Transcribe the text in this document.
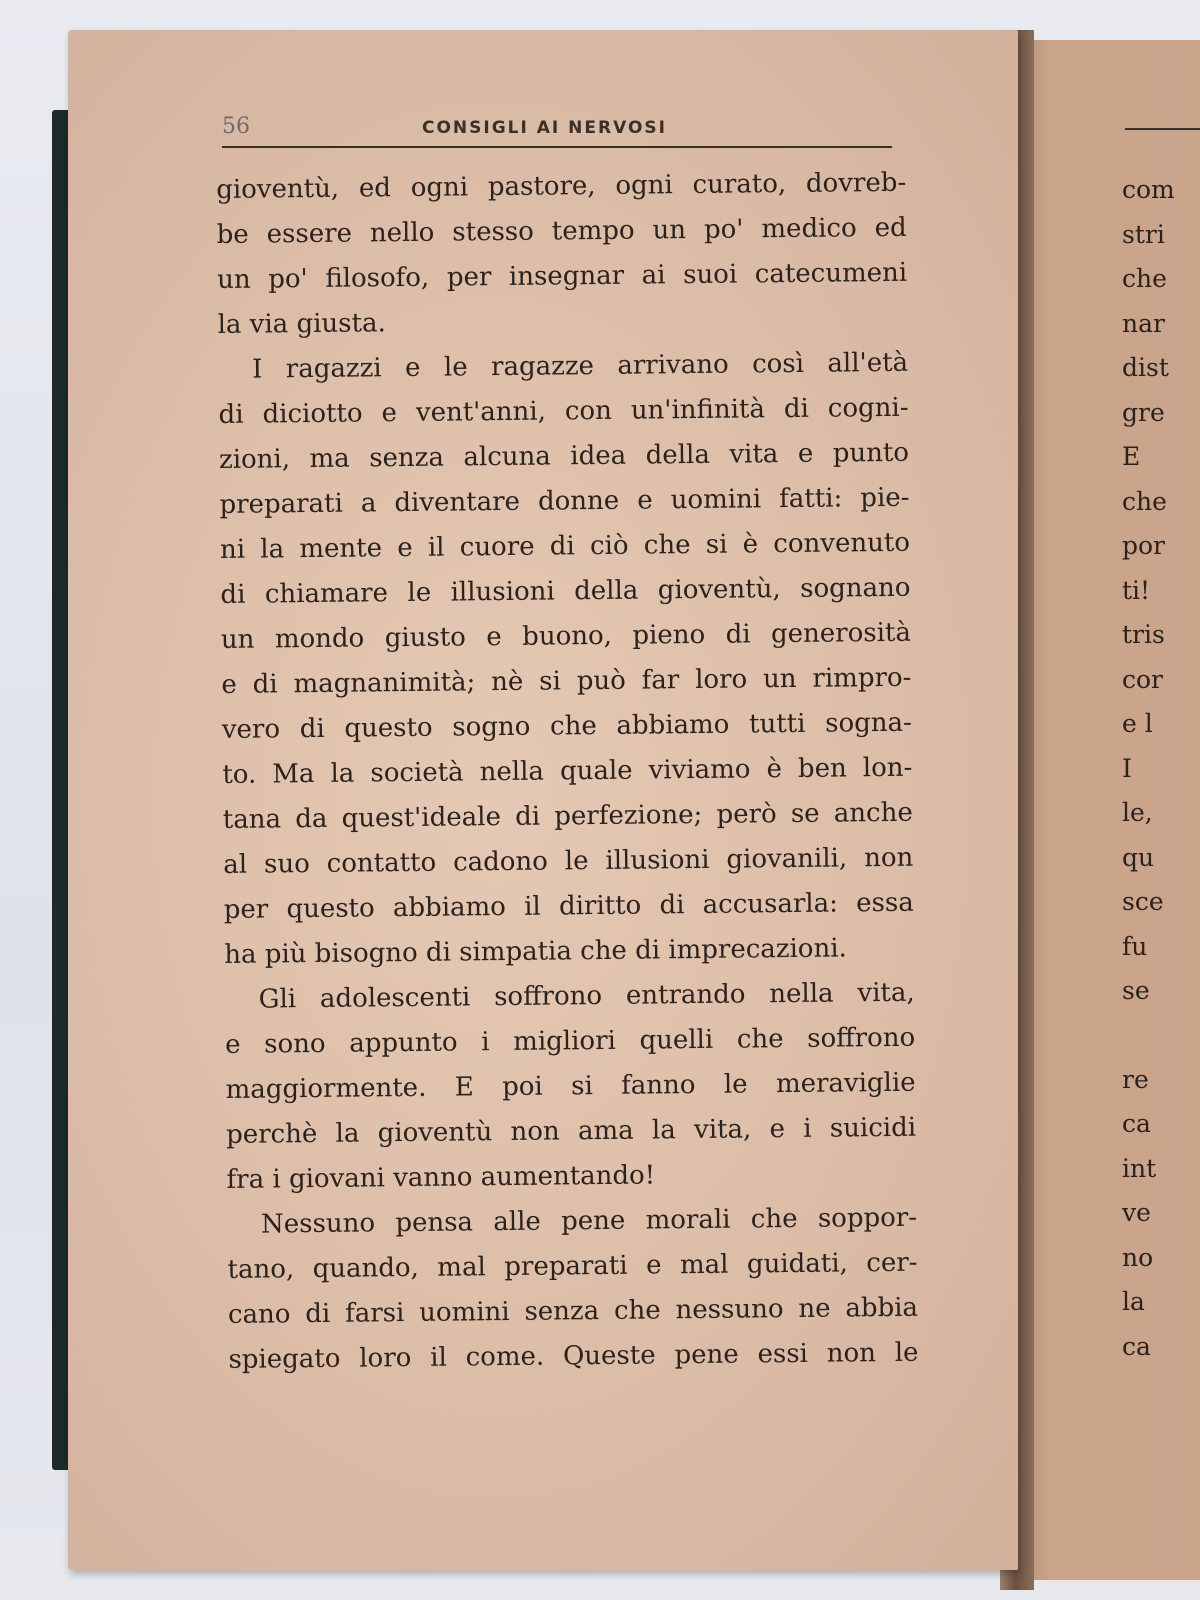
com
stri
che
nar
dist
gre
E
che
por
ti!
tris
cor
e l
I
le,
qu
sce
fu
se
re
ca
int
ve
no
la
ca
56	CONSIGLI AI NERVOSI
gioventù, ed ogni pastore, ogni curato, dovreb-
be essere nello stesso tempo un po' medico ed
un po' filosofo, per insegnar ai suoi catecumeni
la via giusta.
I ragazzi e le ragazze arrivano così all'età
di diciotto e vent'anni, con un'infinità di cogni-
zioni, ma senza alcuna idea della vita e punto
preparati a diventare donne e uomini fatti: pie-
ni la mente e il cuore di ciò che si è convenuto
di chiamare le illusioni della gioventù, sognano
un mondo giusto e buono, pieno di generosità
e di magnanimità; nè si può far loro un rimpro-
vero di questo sogno che abbiamo tutti sogna-
to. Ma la società nella quale viviamo è ben lon-
tana da quest'ideale di perfezione; però se anche
al suo contatto cadono le illusioni giovanili, non
per questo abbiamo il diritto di accusarla: essa
ha più bisogno di simpatia che di imprecazioni.
Gli adolescenti soffrono entrando nella vita,
e sono appunto i migliori quelli che soffrono
maggiormente. E poi si fanno le meraviglie
perchè la gioventù non ama la vita, e i suicidi
fra i giovani vanno aumentando!
Nessuno pensa alle pene morali che soppor-
tano, quando, mal preparati e mal guidati, cer-
cano di farsi uomini senza che nessuno ne abbia
spiegato loro il come. Queste pene essi non le
